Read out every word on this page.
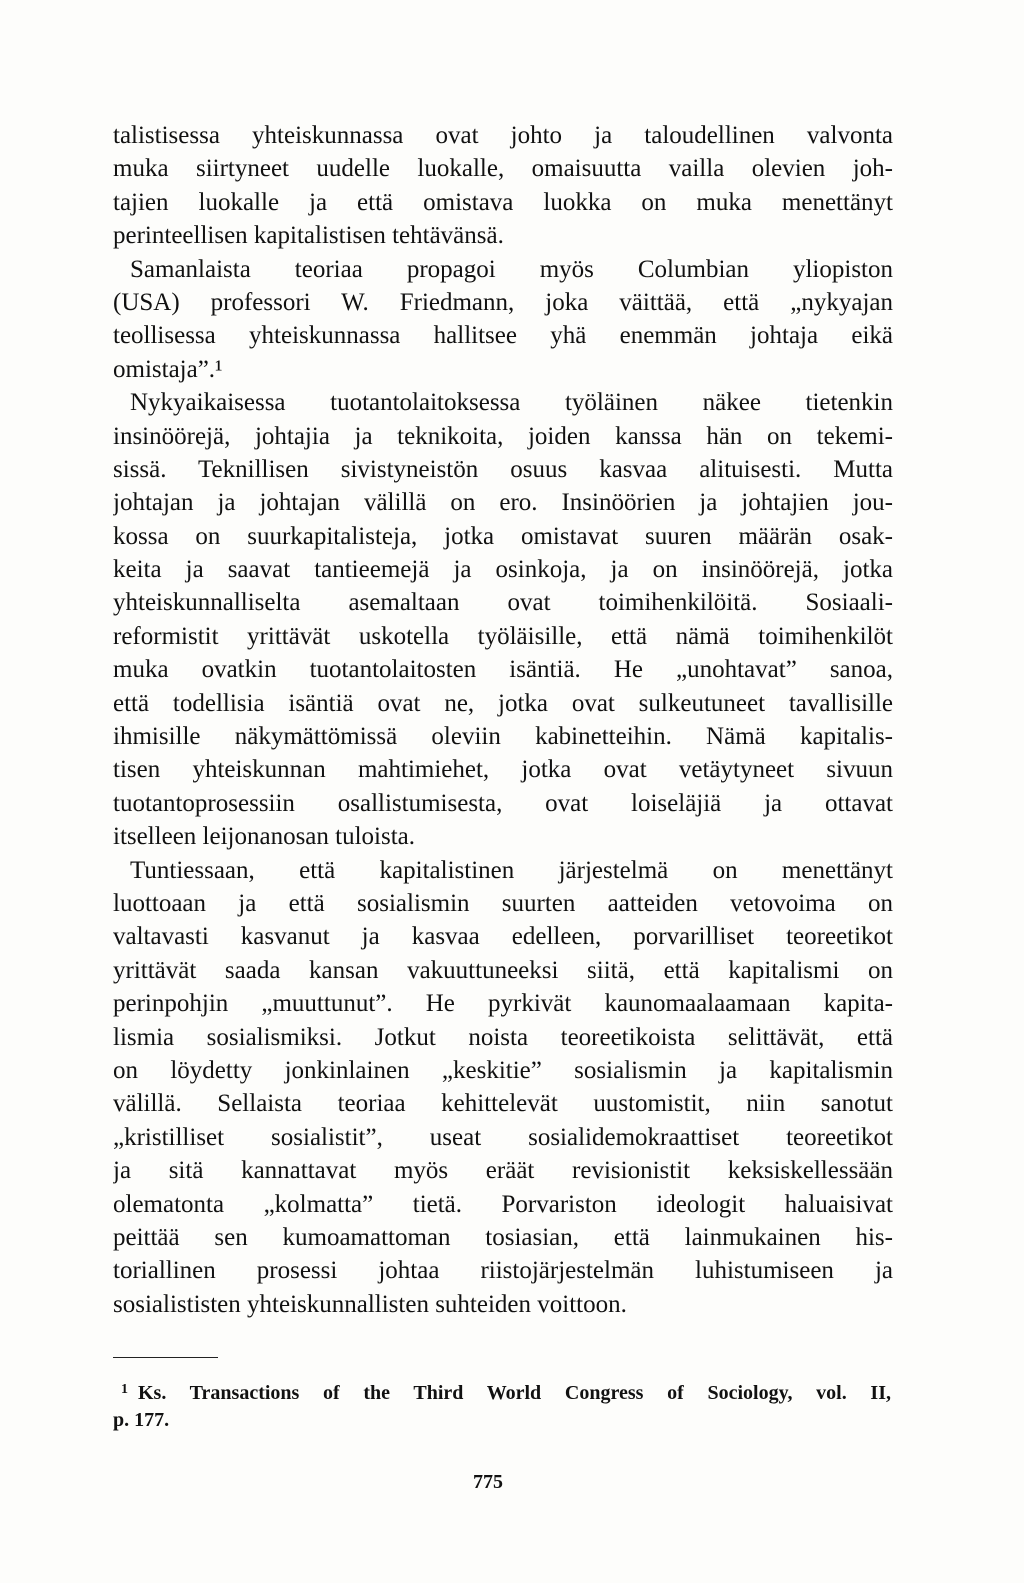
talistisessa yhteiskunnassa ovat johto ja taloudellinen valvonta
muka siirtyneet uudelle luokalle, omaisuutta vailla olevien joh-
tajien luokalle ja että omistava luokka on muka menettänyt
perinteellisen kapitalistisen tehtävänsä.
Samanlaista teoriaa propagoi myös Columbian yliopiston
(USA) professori W. Friedmann, joka väittää, että „nykyajan
teollisessa yhteiskunnassa hallitsee yhä enemmän johtaja eikä
omistaja”.¹
Nykyaikaisessa tuotantolaitoksessa työläinen näkee tietenkin
insinöörejä, johtajia ja teknikoita, joiden kanssa hän on tekemi-
sissä. Teknillisen sivistyneistön osuus kasvaa alituisesti. Mutta
johtajan ja johtajan välillä on ero. Insinöörien ja johtajien jou-
kossa on suurkapitalisteja, jotka omistavat suuren määrän osak-
keita ja saavat tantieemejä ja osinkoja, ja on insinöörejä, jotka
yhteiskunnalliselta asemaltaan ovat toimihenkilöitä. Sosiaali-
reformistit yrittävät uskotella työläisille, että nämä toimihenkilöt
muka ovatkin tuotantolaitosten isäntiä. He „unohtavat” sanoa,
että todellisia isäntiä ovat ne, jotka ovat sulkeutuneet tavallisille
ihmisille näkymättömissä oleviin kabinetteihin. Nämä kapitalis-
tisen yhteiskunnan mahtimiehet, jotka ovat vetäytyneet sivuun
tuotantoprosessiin osallistumisesta, ovat loiseläjiä ja ottavat
itselleen leijonanosan tuloista.
Tuntiessaan, että kapitalistinen järjestelmä on menettänyt
luottoaan ja että sosialismin suurten aatteiden vetovoima on
valtavasti kasvanut ja kasvaa edelleen, porvarilliset teoreetikot
yrittävät saada kansan vakuuttuneeksi siitä, että kapitalismi on
perinpohjin „muuttunut”. He pyrkivät kaunomaalaamaan kapita-
lismia sosialismiksi. Jotkut noista teoreetikoista selittävät, että
on löydetty jonkinlainen „keskitie” sosialismin ja kapitalismin
välillä. Sellaista teoriaa kehittelevät uustomistit, niin sanotut
„kristilliset sosialistit”, useat sosialidemokraattiset teoreetikot
ja sitä kannattavat myös eräät revisionistit keksiskellessään
olematonta „kolmatta” tietä. Porvariston ideologit haluaisivat
peittää sen kumoamattoman tosiasian, että lainmukainen his-
toriallinen prosessi johtaa riistojärjestelmän luhistumiseen ja
sosialististen yhteiskunnallisten suhteiden voittoon.
$^1$ Ks. Transactions of the Third World Congress of Sociology, vol. II,
p. 177.
775
